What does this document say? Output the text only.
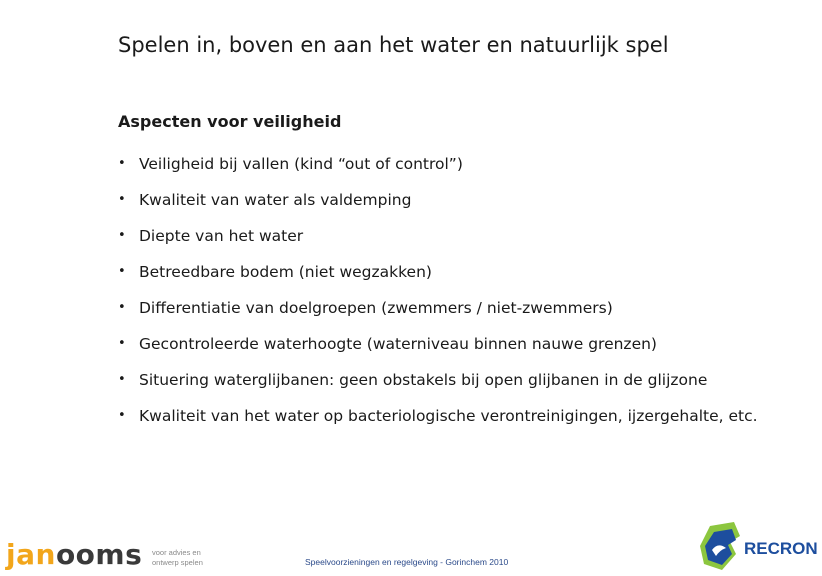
Spelen in, boven en aan het water en natuurlijk spel
Aspecten voor veiligheid
• Veiligheid bij vallen (kind “out of control”)
• Kwaliteit van water als valdemping
• Diepte van het water
• Betreedbare bodem (niet wegzakken)
• Differentiatie van doelgroepen (zwemmers / niet-zwemmers)
• Gecontroleerde waterhoogte (waterniveau binnen nauwe grenzen)
• Situering waterglijbanen: geen obstakels bij open glijbanen in de glijzone
• Kwaliteit van het water op bacteriologische verontreinigingen, ijzergehalte, etc.
janooms voor advies en
ontwerp spelen	Speelvoorzieningen en regelgeving - Gorinchem 2010
RECRON
